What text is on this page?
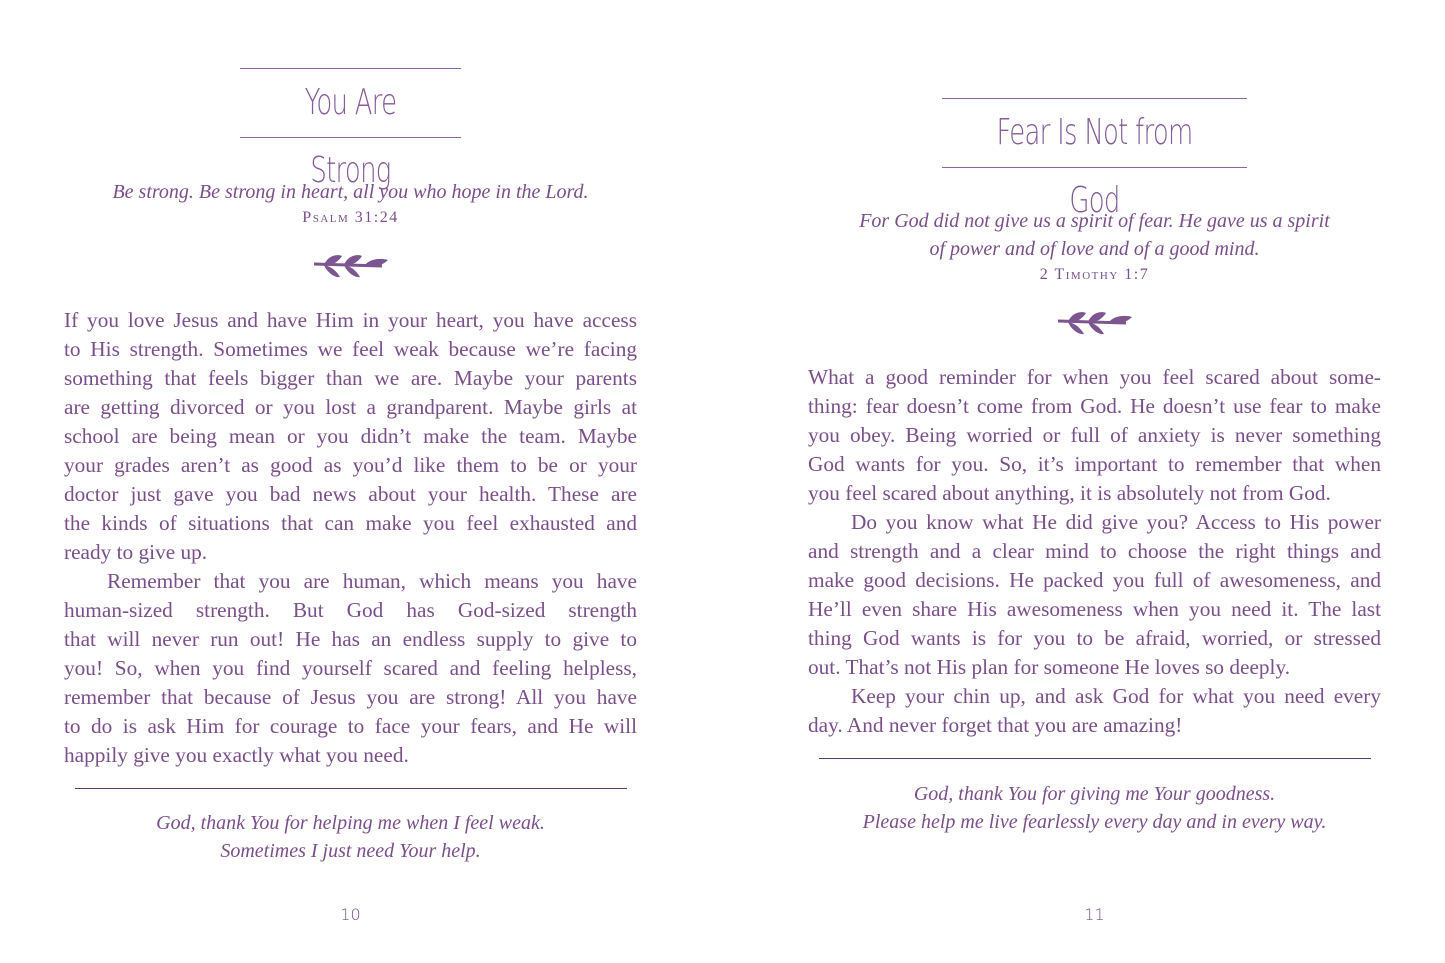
You Are Strong
Be strong. Be strong in heart, all you who hope in the Lord.
Psalm 31:24
If you love Jesus and have Him in your heart, you have access
to His strength. Sometimes we feel weak because we’re facing
something that feels bigger than we are. Maybe your parents
are getting divorced or you lost a grandparent. Maybe girls at
school are being mean or you didn’t make the team. Maybe
your grades aren’t as good as you’d like them to be or your
doctor just gave you bad news about your health. These are
the kinds of situations that can make you feel exhausted and
ready to give up.
Remember that you are human, which means you have
human-sized strength. But God has God-sized strength
that will never run out! He has an endless supply to give to
you! So, when you find yourself scared and feeling helpless,
remember that because of Jesus you are strong! All you have
to do is ask Him for courage to face your fears, and He will
happily give you exactly what you need.
God, thank You for helping me when I feel weak.
Sometimes I just need Your help.
10
Fear Is Not from God
For God did not give us a spirit of fear. He gave us a spirit
of power and of love and of a good mind.
2 Timothy 1:7
What a good reminder for when you feel scared about some-
thing: fear doesn’t come from God. He doesn’t use fear to make
you obey. Being worried or full of anxiety is never something
God wants for you. So, it’s important to remember that when
you feel scared about anything, it is absolutely not from God.
Do you know what He did give you? Access to His power
and strength and a clear mind to choose the right things and
make good decisions. He packed you full of awesomeness, and
He’ll even share His awesomeness when you need it. The last
thing God wants is for you to be afraid, worried, or stressed
out. That’s not His plan for someone He loves so deeply.
Keep your chin up, and ask God for what you need every
day. And never forget that you are amazing!
God, thank You for giving me Your goodness.
Please help me live fearlessly every day and in every way.
11
